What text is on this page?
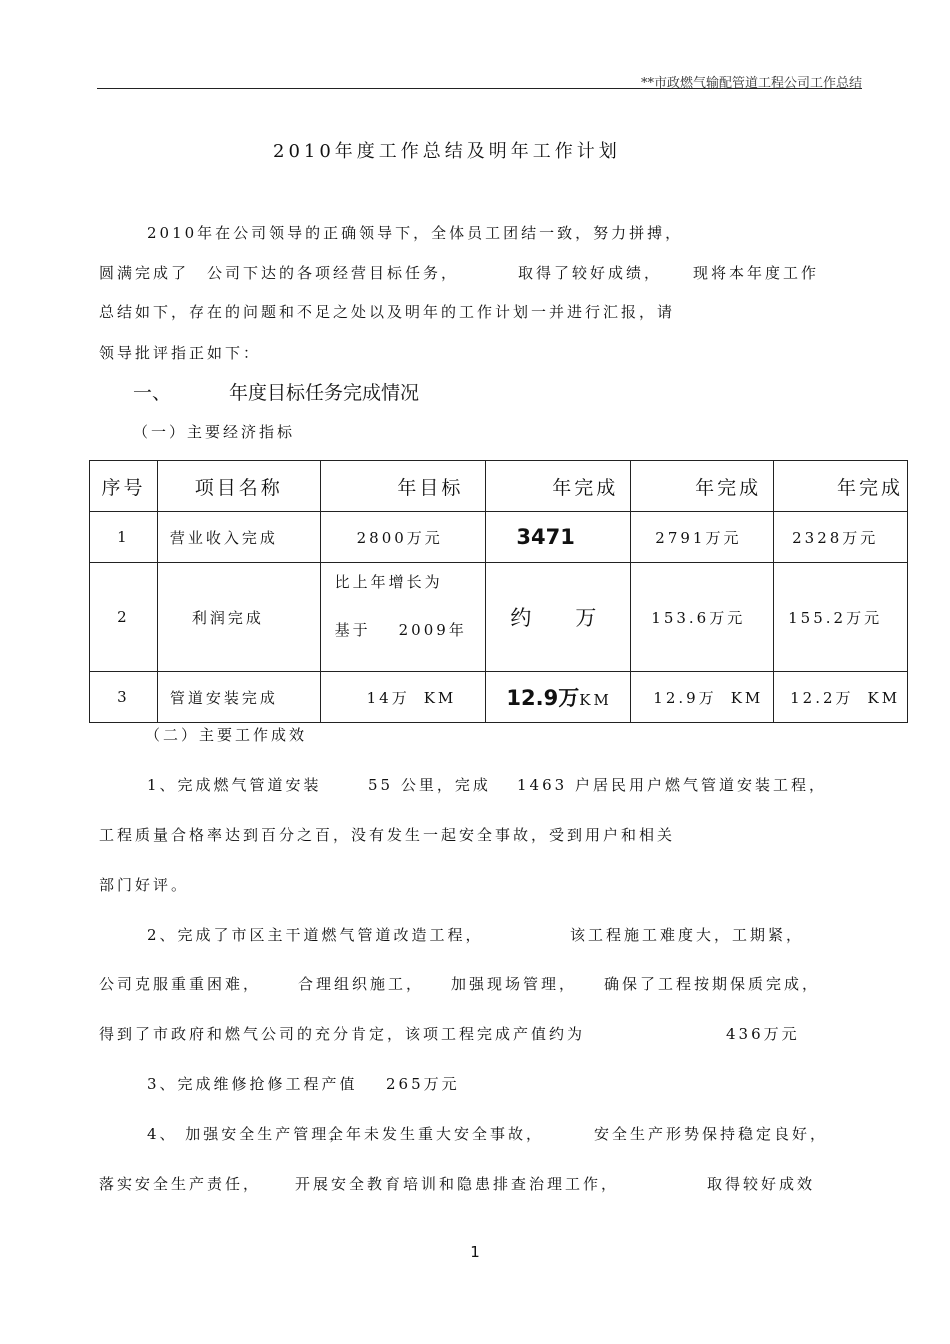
**市政燃气输配管道工程公司工作总结
2010年度工作总结及明年工作计划
2010年在公司领导的正确领导下，全体员工团结一致，努力拼搏，
圆满完成了 公司下达的各项经营目标任务，	取得了较好成绩， 现将本年度工作
总结如下，存在的问题和不足之处以及明年的工作计划一并进行汇报，请
领导批评指正如下：
一、	年度目标任务完成情况
（一）主要经济指标
序号	项目名称	年目标	年完成	年完成	年完成
1	营业收入完成	2800万元	3471	2791万元	2328万元
2	利润完成	比上年增长为
基于 2009年	约 万	153.6万元	155.2万元
3	管道安装完成	14万 KM	12.9万KM	12.9万 KM	12.2万 KM
（二）主要工作成效
1、完成燃气管道安装	55 公里，完成 1463 户居民用户燃气管道安装工程，
工程质量合格率达到百分之百，没有发生一起安全事故，受到用户和相关
部门好评。
2、完成了市区主干道燃气管道改造工程，	该工程施工难度大，工期紧，
公司克服重重困难， 合理组织施工， 加强现场管理， 确保了工程按期保质完成，
得到了市政府和燃气公司的充分肯定，该项工程完成产值约为	436万元
3、完成维修抢修工程产值 265万元
4、 加强安全生产管理，
全年未发生重大安全事故，	安全生产形势保持稳定良好，
落实安全生产责任， 开展安全教育培训和隐患排查治理工作，	取得较好成效
1
